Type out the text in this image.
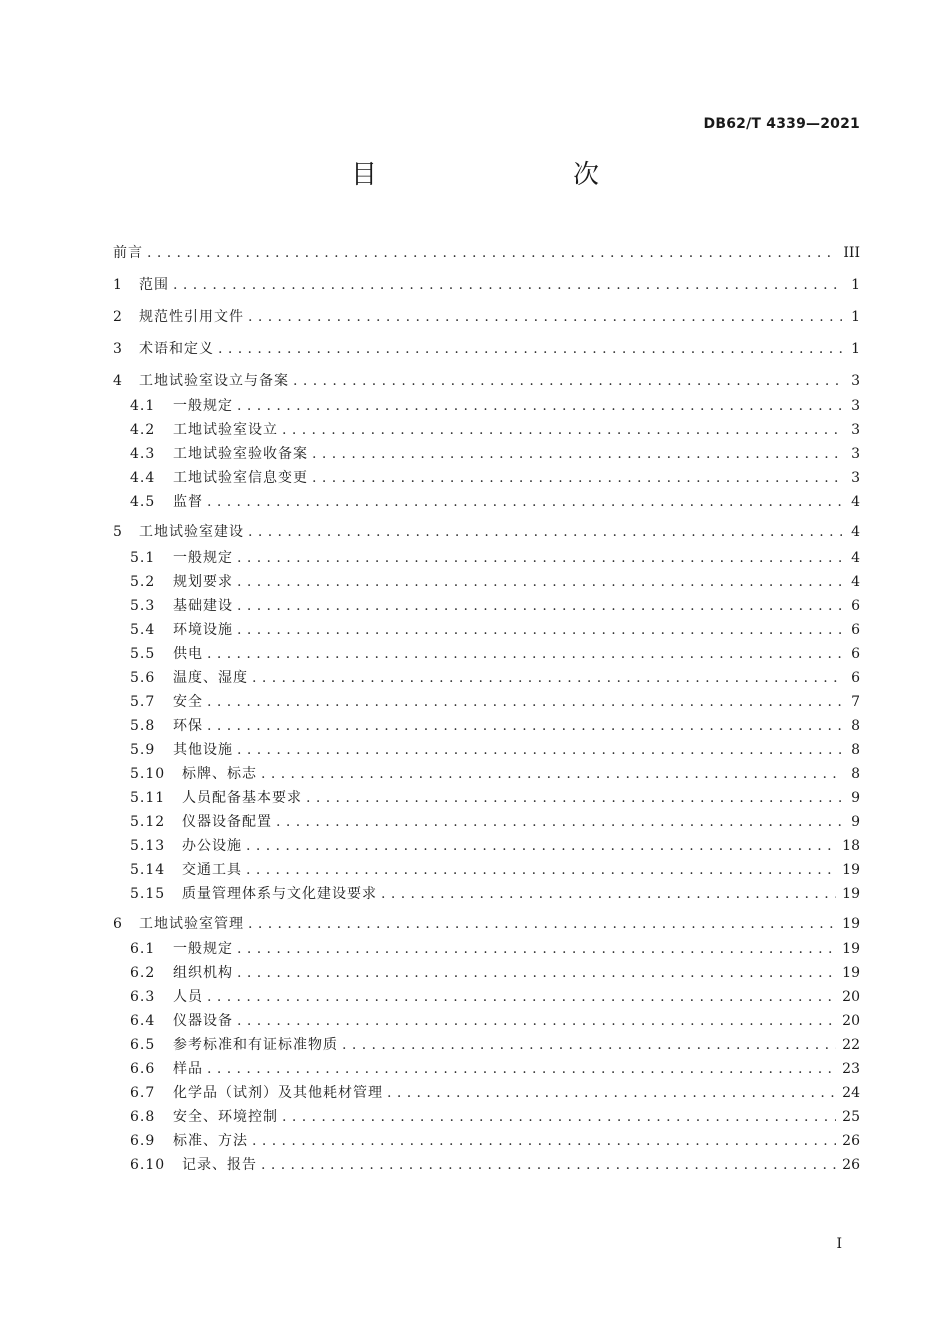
DB62/T 4339—2021
目　　次
前言 .....	III
1	范围 .....	1
2	规范性引用文件 .....	1
3	术语和定义 .....	1
4	工地试验室设立与备案 .....	3
4.1	一般规定 .....	3
4.2	工地试验室设立 .....	3
4.3	工地试验室验收备案 .....	3
4.4	工地试验室信息变更 .....	3
4.5	监督 .....	4
5	工地试验室建设 .....	4
5.1	一般规定 .....	4
5.2	规划要求 .....	4
5.3	基础建设 .....	6
5.4	环境设施 .....	6
5.5	供电 .....	6
5.6	温度、湿度 .....	6
5.7	安全 .....	7
5.8	环保 .....	8
5.9	其他设施 .....	8
5.10	标牌、标志 .....	8
5.11	人员配备基本要求 .....	9
5.12	仪器设备配置 .....	9
5.13	办公设施 .....	18
5.14	交通工具 .....	19
5.15	质量管理体系与文化建设要求 .....	19
6	工地试验室管理 .....	19
6.1	一般规定 .....	19
6.2	组织机构 .....	19
6.3	人员 .....	20
6.4	仪器设备 .....	20
6.5	参考标准和有证标准物质 .....	22
6.6	样品 .....	23
6.7	化学品（试剂）及其他耗材管理 .....	24
6.8	安全、环境控制 .....	25
6.9	标准、方法 .....	26
6.10	记录、报告 .....	26
I
